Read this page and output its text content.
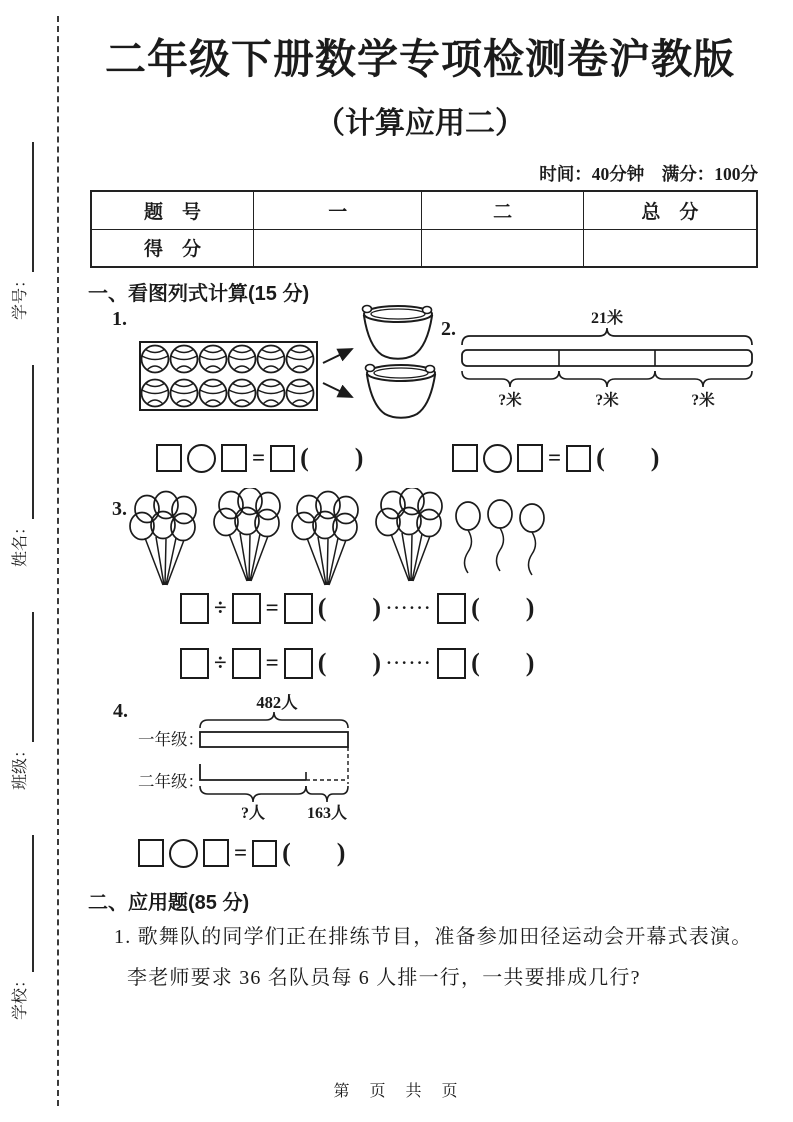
学校：
班级：
姓名：
学号：
二年级下册数学专项检测卷沪教版
（计算应用二）
时间：40分钟　满分：100分
题　号	一	二	总　分
得　分			
一、看图列式计算(15 分)
1.	2.	21米
?米	?米	?米
= ( )	= ( )
3.
÷ = ( ) ······ ( )
÷ = ( ) ······ ( )
4.
一年级：
二年级：
482人
?人	163人
= ( )
二、应用题(85 分)
1. 歌舞队的同学们正在排练节目，准备参加田径运动会开幕式表演。
李老师要求 36 名队员每 6 人排一行，一共要排成几行?
第　页　共　页
